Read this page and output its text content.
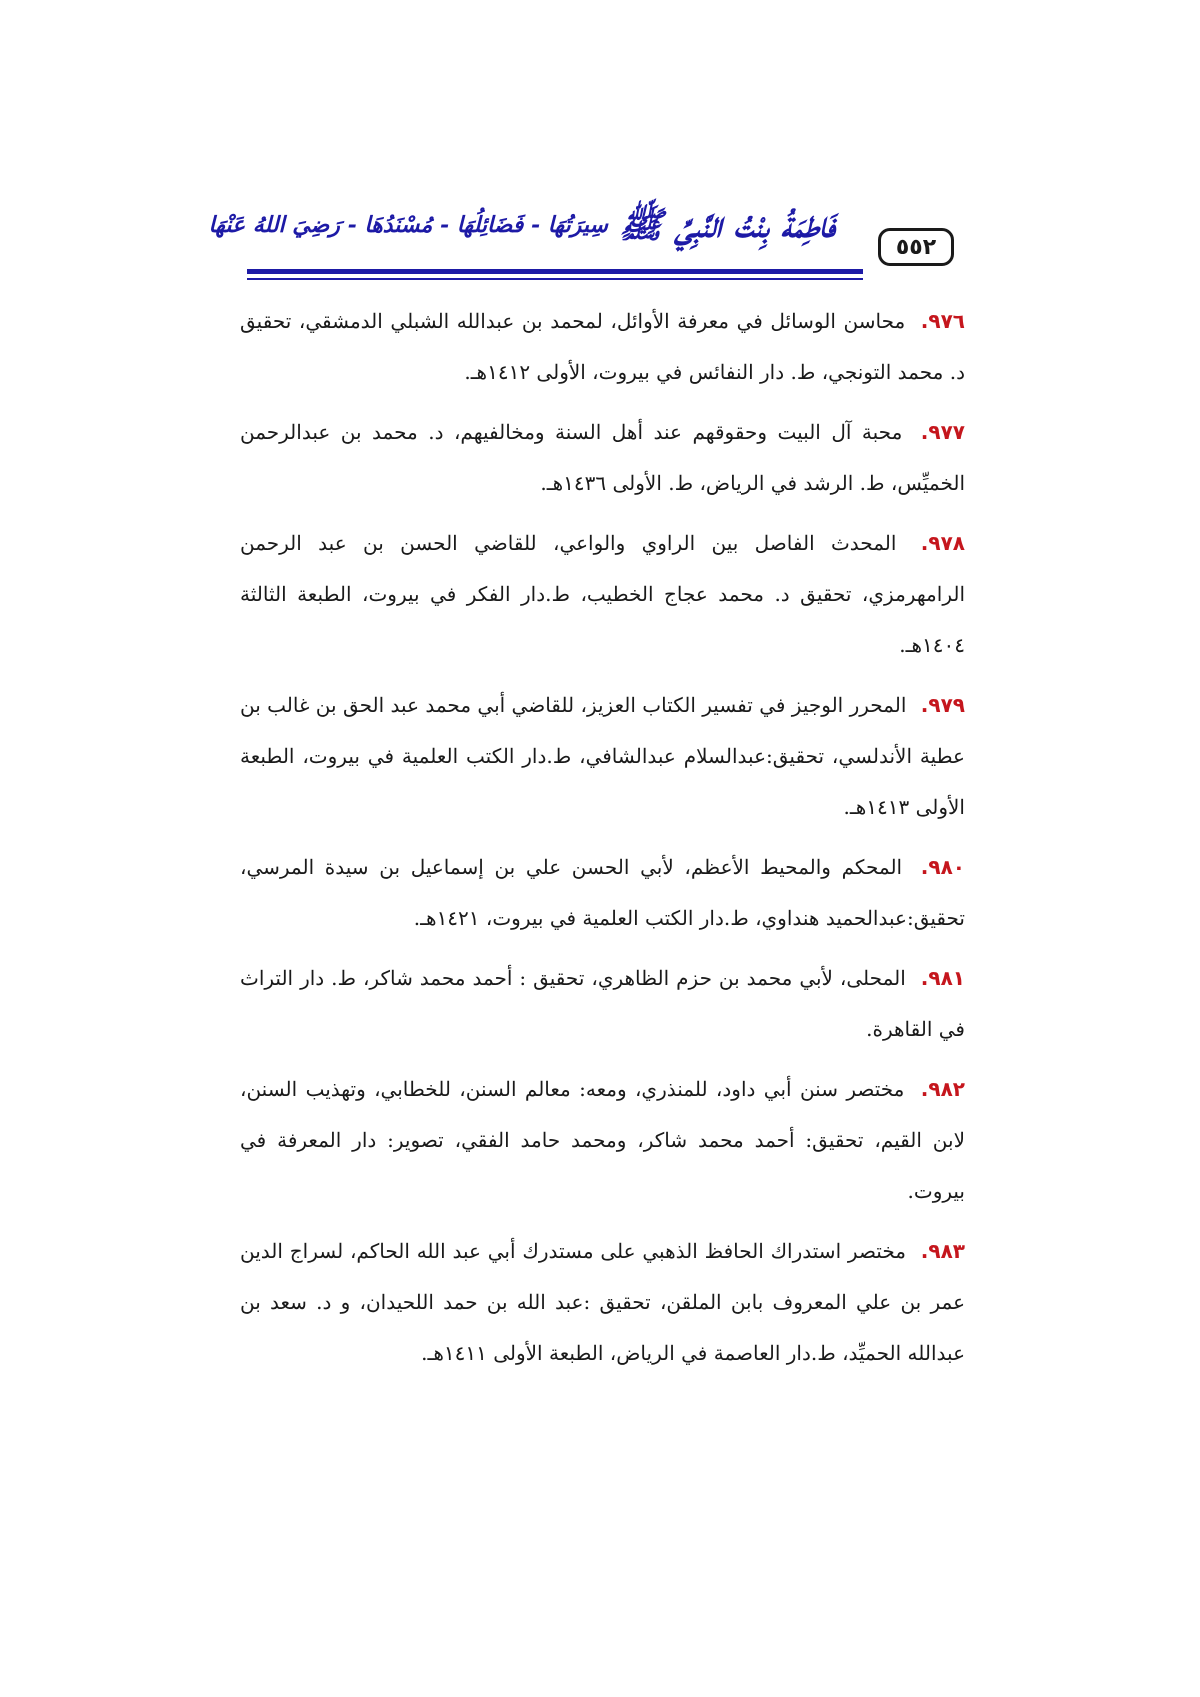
فَاطِمَةُ بِنْتُ النَّبِيِّ ﷺ سِيرَتُهَا - فَضَائِلُهَا - مُسْنَدُهَا - رَضِيَ اللهُ عَنْهَا
٥٥٢

٩٧٦. محاسن الوسائل في معرفة الأوائل، لمحمد بن عبدالله الشبلي الدمشقي، تحقيق د. محمد التونجي، ط. دار النفائس في بيروت، الأولى ١٤١٢هـ.

٩٧٧. محبة آل البيت وحقوقهم عند أهل السنة ومخالفيهم، د. محمد بن عبدالرحمن الخميِّس، ط. الرشد في الرياض، ط. الأولى ١٤٣٦هـ.

٩٧٨. المحدث الفاصل بين الراوي والواعي، للقاضي الحسن بن عبد الرحمن الرامهرمزي، تحقيق د. محمد عجاج الخطيب، ط.دار الفكر في بيروت، الطبعة الثالثة ١٤٠٤هـ.

٩٧٩. المحرر الوجيز في تفسير الكتاب العزيز، للقاضي أبي محمد عبد الحق بن غالب بن عطية الأندلسي، تحقيق:عبدالسلام عبدالشافي، ط.دار الكتب العلمية في بيروت، الطبعة الأولى ١٤١٣هـ.

٩٨٠. المحكم والمحيط الأعظم، لأبي الحسن علي بن إسماعيل بن سيدة المرسي، تحقيق:عبدالحميد هنداوي، ط.دار الكتب العلمية في بيروت، ١٤٢١هـ.

٩٨١. المحلى، لأبي محمد بن حزم الظاهري، تحقيق : أحمد محمد شاكر، ط. دار التراث في القاهرة.

٩٨٢. مختصر سنن أبي داود، للمنذري، ومعه: معالم السنن، للخطابي، وتهذيب السنن، لابن القيم، تحقيق: أحمد محمد شاكر، ومحمد حامد الفقي، تصوير: دار المعرفة في بيروت.

٩٨٣. مختصر استدراك الحافظ الذهبي على مستدرك أبي عبد الله الحاكم، لسراج الدين عمر بن علي المعروف بابن الملقن، تحقيق :عبد الله بن حمد اللحيدان، و د. سعد بن عبدالله الحميِّد، ط.دار العاصمة في الرياض، الطبعة الأولى ١٤١١هـ.
